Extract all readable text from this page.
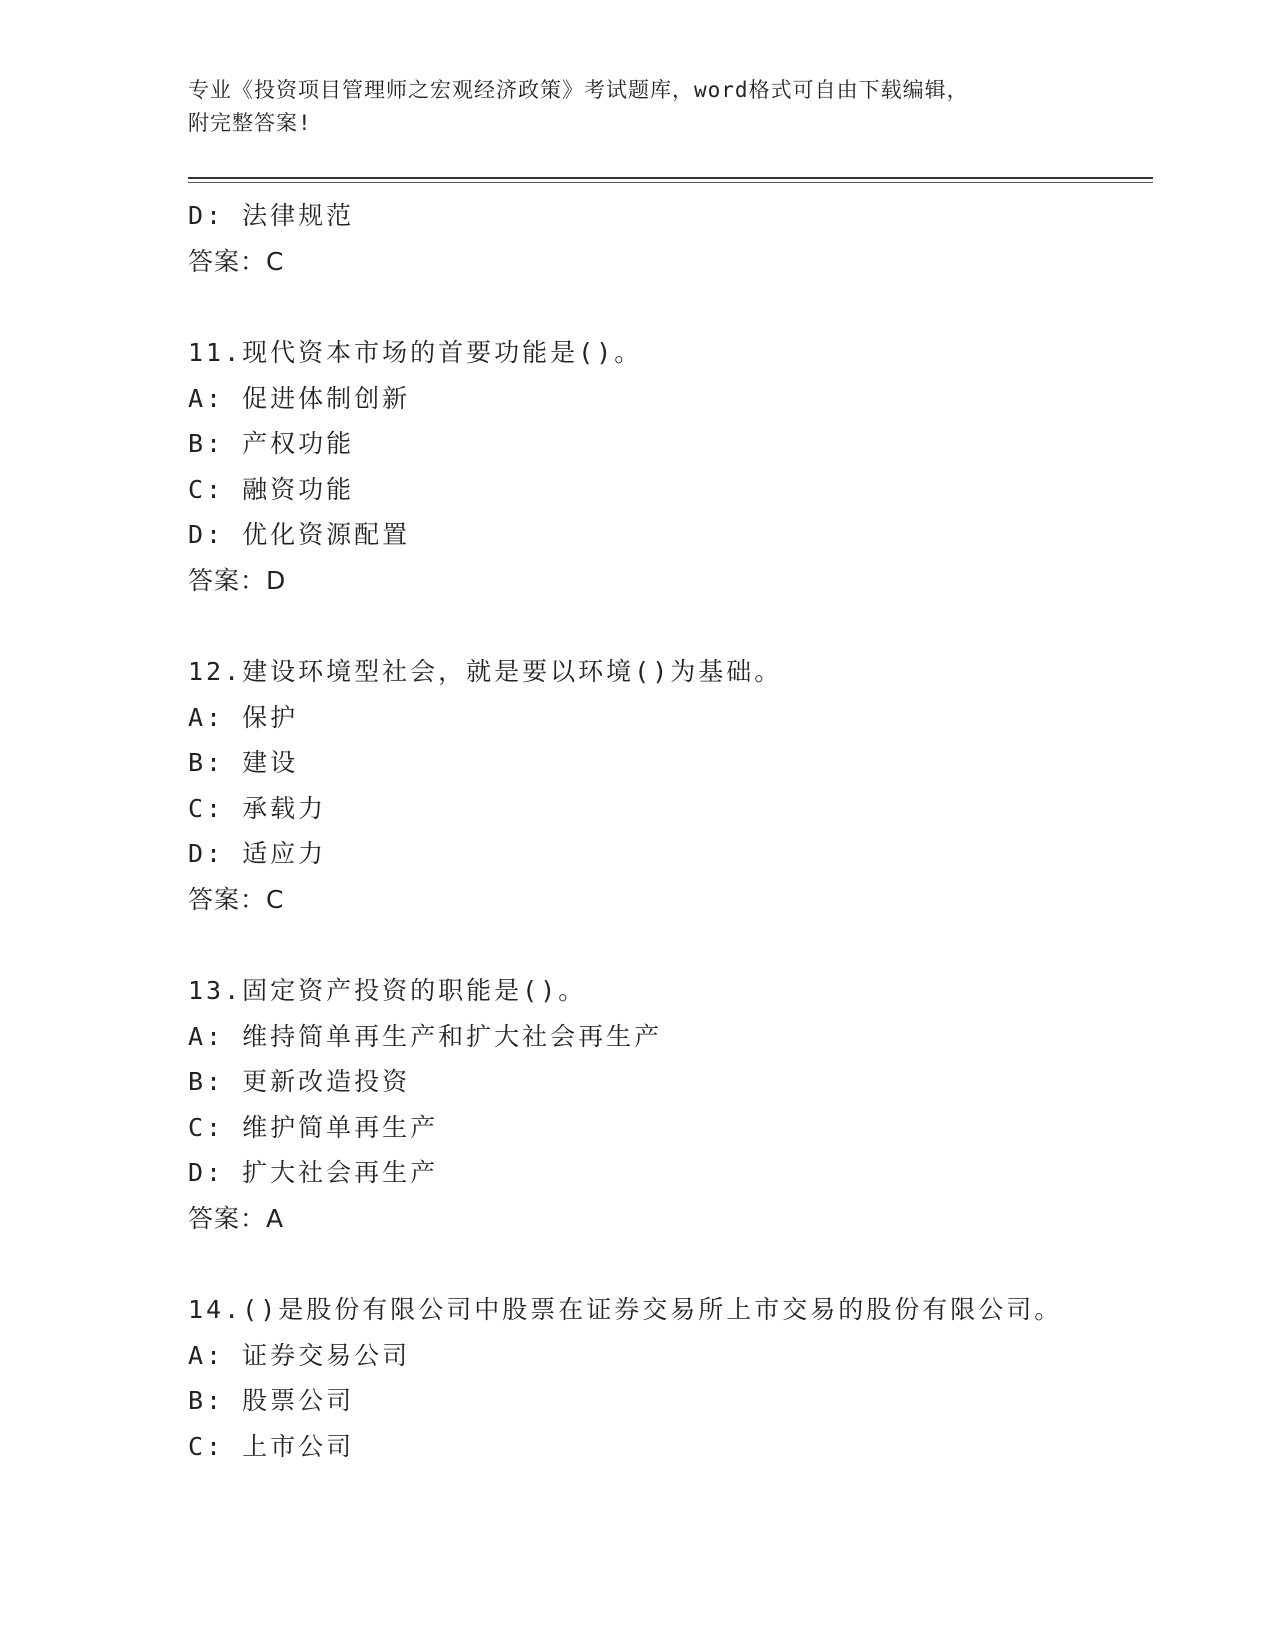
专业《投资项目管理师之宏观经济政策》考试题库，word格式可自由下载编辑，
附完整答案!
D: 法律规范
答案：C
11.现代资本市场的首要功能是()。
A: 促进体制创新
B: 产权功能
C: 融资功能
D: 优化资源配置
答案：D
12.建设环境型社会，就是要以环境()为基础。
A: 保护
B: 建设
C: 承载力
D: 适应力
答案：C
13.固定资产投资的职能是()。
A: 维持简单再生产和扩大社会再生产
B: 更新改造投资
C: 维护简单再生产
D: 扩大社会再生产
答案：A
14.()是股份有限公司中股票在证券交易所上市交易的股份有限公司。
A: 证券交易公司
B: 股票公司
C: 上市公司
